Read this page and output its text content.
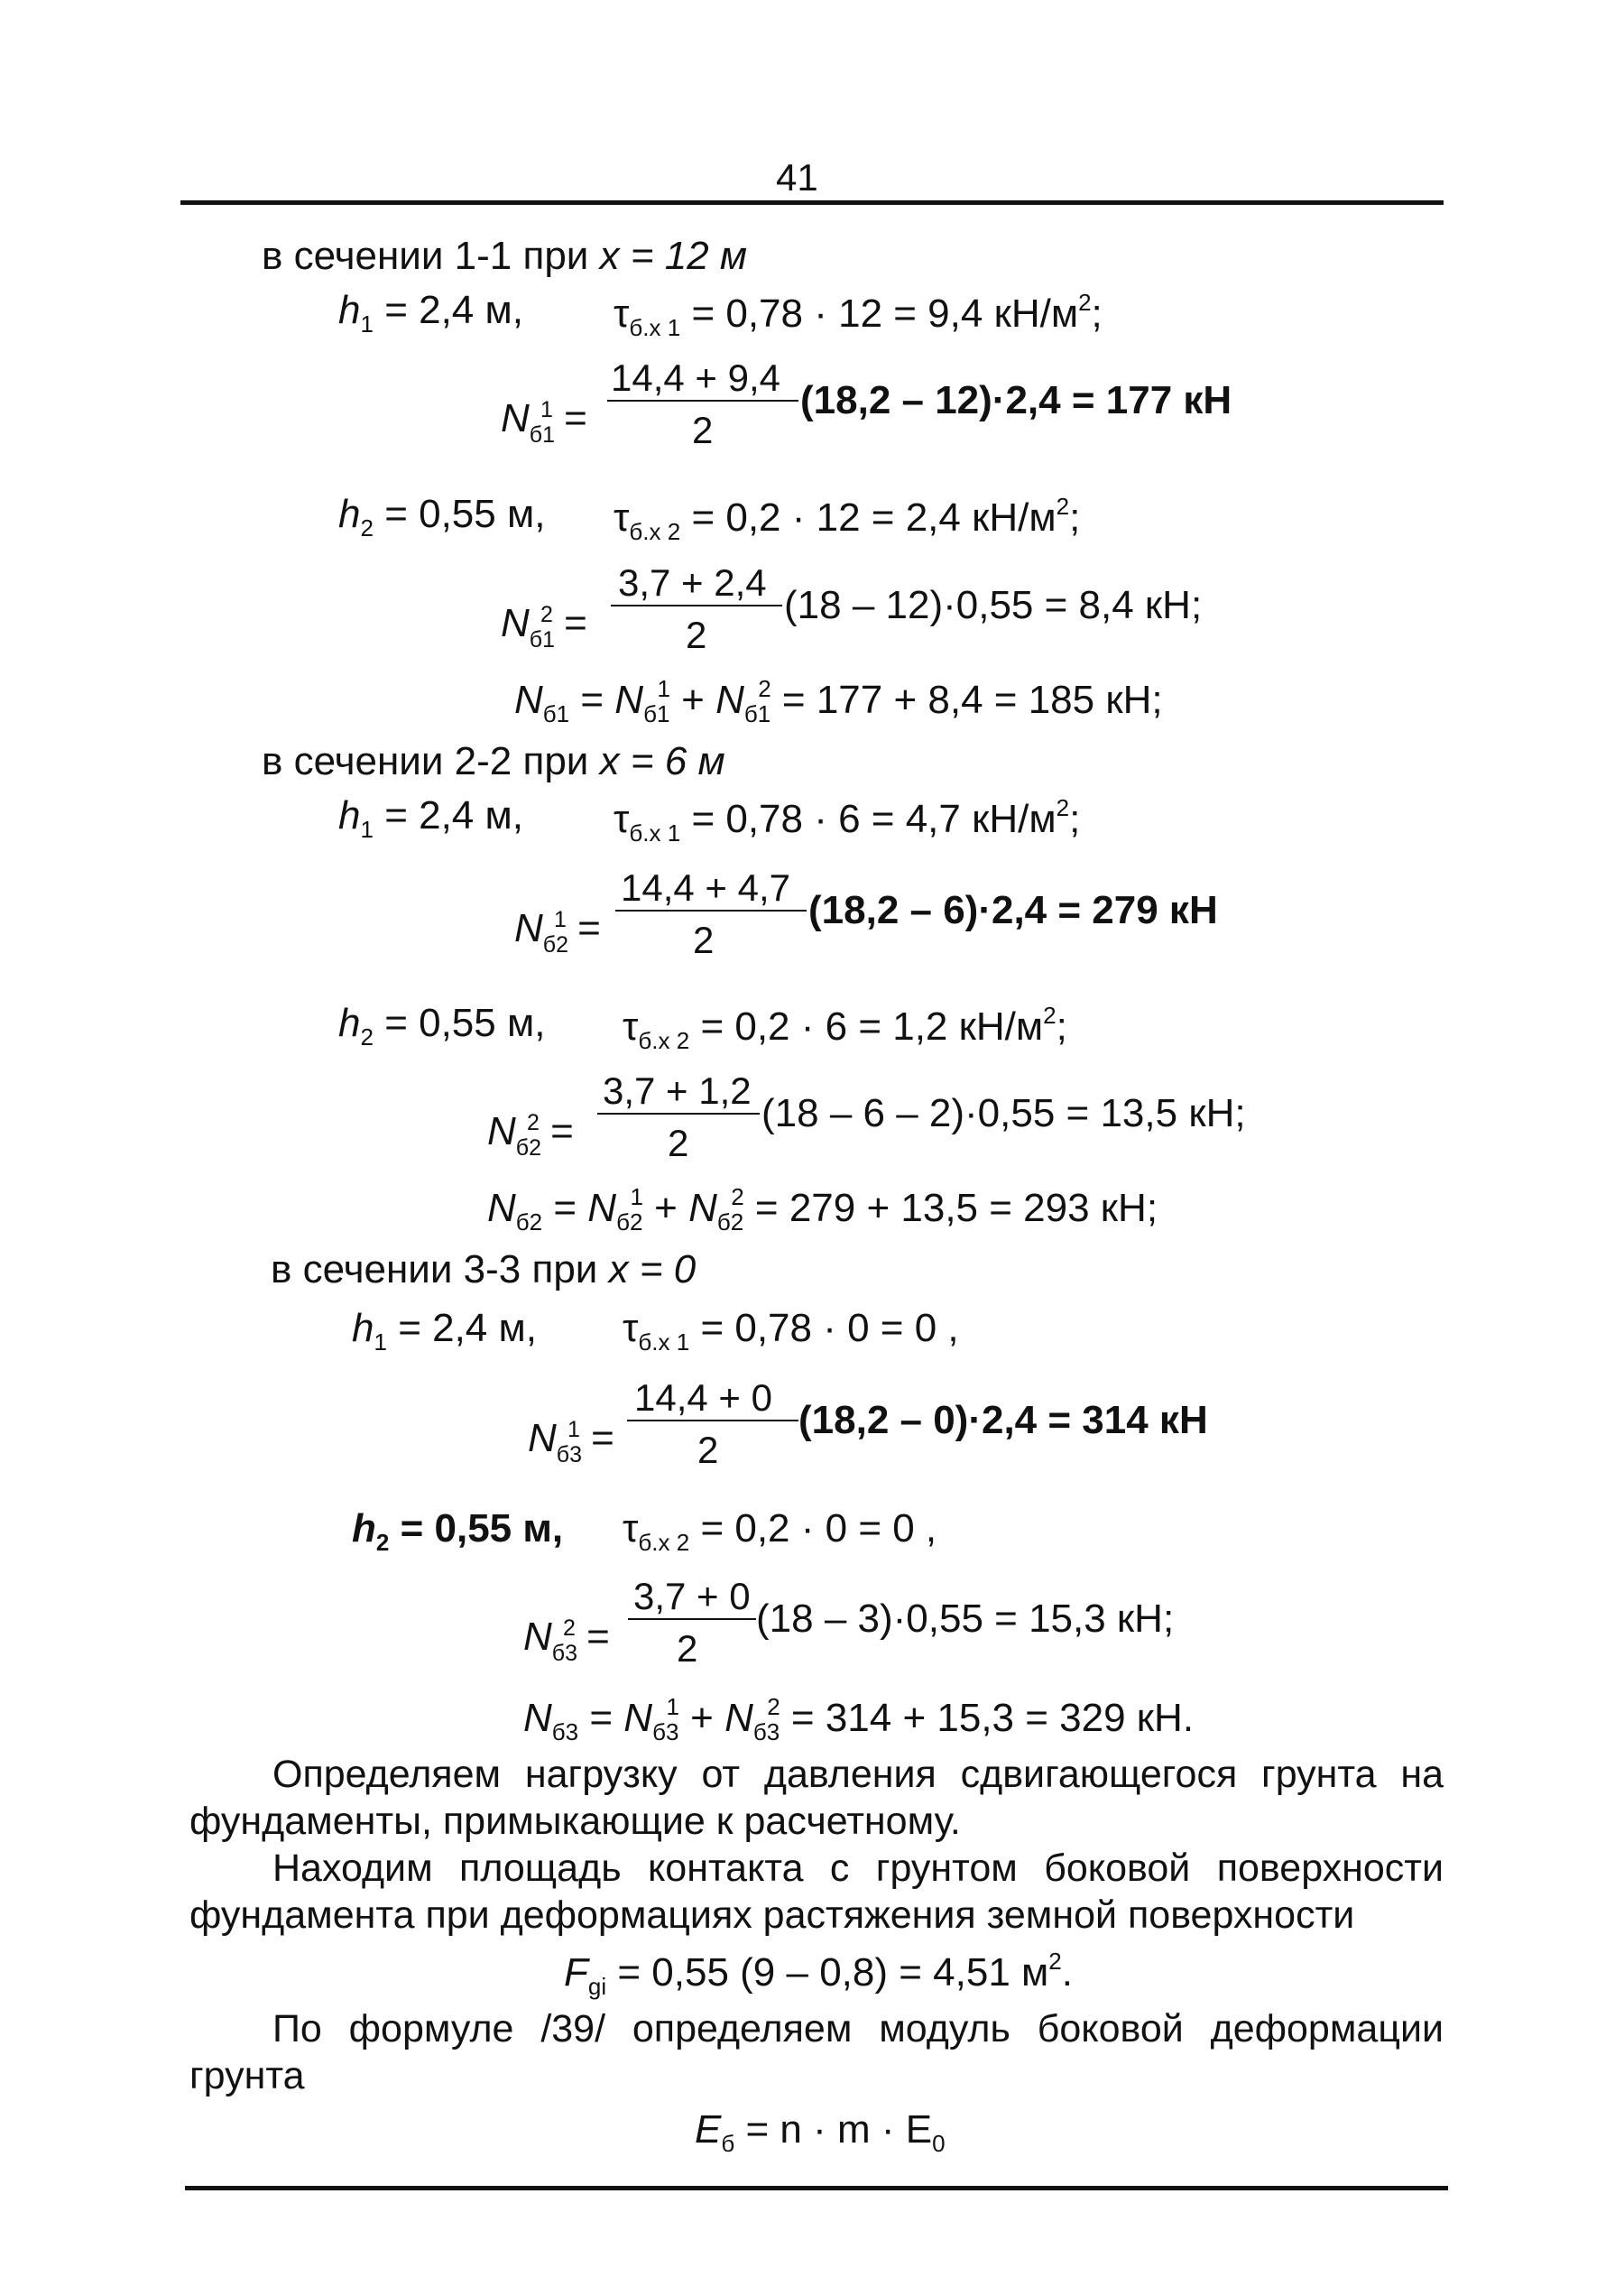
41
в сечении 1-1 при x = 12 м
$h_1 = 2,4$ м, $\tau_{б.х 1} = 0,78 \cdot 12 = 9,4$ $кН/м^2$;
$N_{б1}^1$ =
14,4 + 9,4
2
(18,2 – 12)·2,4 = 177 кН
$h_2 = 0,55$ м, $\tau_{б.х 2} = 0,2 \cdot 12 = 2,4$ $кН/м^2$;
$N_{б1}^2$ =
3,7 + 2,4
2
(18 – 12)·0,55 = 8,4 кН;
$N_{б1} = N_{б1}^1 + N_{б1}^2 = 177 + 8,4 = 185$ кН;
в сечении 2-2 при x = 6 м
$h_1 = 2,4$ м, $\tau_{б.х 1} = 0,78 \cdot 6 = 4,7$ $кН/м^2$;
$N_{б2}^1$ =
14,4 + 4,7
2
(18,2 – 6)·2,4 = 279 кН
$h_2 = 0,55$ м, $\tau_{б.х 2} = 0,2 \cdot 6 = 1,2$ $кН/м^2$;
$N_{б2}^2$ =
3,7 + 1,2
2
(18 – 6 – 2)·0,55 = 13,5 кН;
$N_{б2} = N_{б2}^1 + N_{б2}^2 = 279 + 13,5 = 293$ кН;
в сечении 3-3 при x = 0
$h_1 = 2,4$ м, $\tau_{б.х 1} = 0,78 \cdot 0 = 0$ ,
$N_{б3}^1$ =
14,4 + 0
2
(18,2 – 0)·2,4 = 314 кН
$h_2 = 0,55$ м, $\tau_{б.х 2} = 0,2 \cdot 0 = 0$ ,
$N_{б3}^2$ =
3,7 + 0
2
(18 – 3)·0,55 = 15,3 кН;
$N_{б3} = N_{б3}^1 + N_{б3}^2 = 314 + 15,3 = 329$ кН.
Определяем нагрузку от давления сдвигающегося грунта на фундаменты, примыкающие к расчетному.
Находим площадь контакта с грунтом боковой поверхности фундамента при деформациях растяжения земной поверхности
$F_{gi} = 0,55$ (9 – 0,8) = 4,51 $м^2$.
По формуле /39/ определяем модуль боковой деформации грунта
$E_б = n \cdot m \cdot E_0$
